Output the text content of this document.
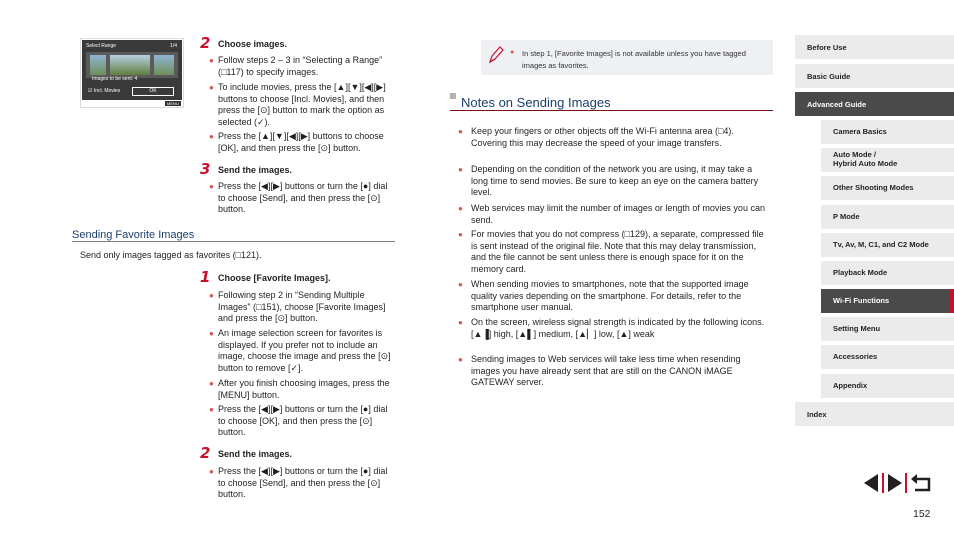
Select Range	1/4
Images to be sent: 4
☑ Incl. Movies	OK
MENU
2 Choose images.
● Follow steps 2 – 3 in “Selecting a Range” (□117) to specify images.
● To include movies, press the [▲][▼][◀][▶] buttons to choose [Incl. Movies], and then press the [⊙] button to mark the option as selected (✓).
● Press the [▲][▼][◀][▶] buttons to choose [OK], and then press the [⊙] button.
3 Send the images.
● Press the [◀][▶] buttons or turn the [●] dial to choose [Send], and then press the [⊙] button.
Sending Favorite Images
Send only images tagged as favorites (□121).
1 Choose [Favorite Images].
● Following step 2 in “Sending Multiple Images” (□151), choose [Favorite Images] and press the [⊙] button.
● An image selection screen for favorites is displayed. If you prefer not to include an image, choose the image and press the [⊙] button to remove [✓].
● After you finish choosing images, press the [MENU] button.
● Press the [◀][▶] buttons or turn the [●] dial to choose [OK], and then press the [⊙] button.
2 Send the images.
● Press the [◀][▶] buttons or turn the [●] dial to choose [Send], and then press the [⊙] button.
● In step 1, [Favorite Images] is not available unless you have tagged images as favorites.
Notes on Sending Images
● Keep your fingers or other objects off the Wi-Fi antenna area (□4). Covering this may decrease the speed of your image transfers.
● Depending on the condition of the network you are using, it may take a long time to send movies. Be sure to keep an eye on the camera battery level.
● Web services may limit the number of images or length of movies you can send.
● For movies that you do not compress (□129), a separate, compressed file is sent instead of the original file. Note that this may delay transmission, and the file cannot be sent unless there is enough space for it on the memory card.
● When sending movies to smartphones, note that the supported image quality varies depending on the smartphone. For details, refer to the smartphone user manual.
● On the screen, wireless signal strength is indicated by the following icons.
[▲▐] high, [▲▌] medium, [▲▏] low, [▲] weak
● Sending images to Web services will take less time when resending images you have already sent that are still on the CANON iMAGE GATEWAY server.
Before Use
Basic Guide
Advanced Guide
Camera Basics
Auto Mode /
Hybrid Auto Mode
Other Shooting Modes
P Mode
Tv, Av, M, C1, and C2 Mode
Playback Mode
Wi-Fi Functions
Setting Menu
Accessories
Appendix
Index
152
